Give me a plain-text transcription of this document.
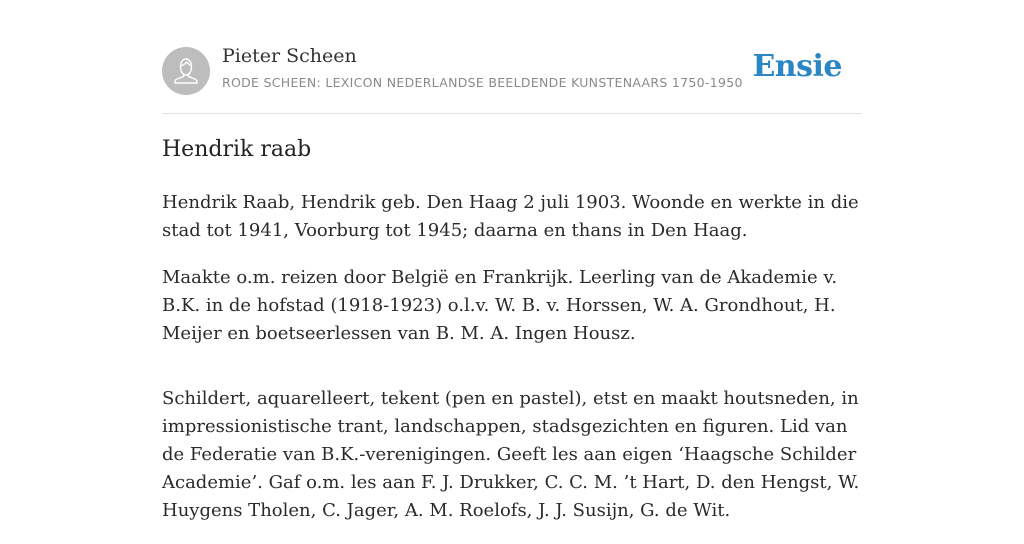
Pieter Scheen
RODE SCHEEN: LEXICON NEDERLANDSE BEELDENDE KUNSTENAARS 1750-1950 Ensie
Hendrik raab

Hendrik Raab, Hendrik geb. Den Haag 2 juli 1903. Woonde en werkte in die stad tot 1941, Voorburg tot 1945; daarna en thans in Den Haag.

Maakte o.m. reizen door België en Frankrijk. Leerling van de Akademie v. B.K. in de hofstad (1918-1923) o.l.v. W. B. v. Horssen, W. A. Grondhout, H. Meijer en boetseerlessen van B. M. A. Ingen Housz.

Schildert, aquarelleert, tekent (pen en pastel), etst en maakt houtsneden, in impressionistische trant, landschappen, stadsgezichten en figuren. Lid van de Federatie van B.K.-verenigingen. Geeft les aan eigen ‘Haagsche Schilder Academie’. Gaf o.m. les aan F. J. Drukker, C. C. M. ’t Hart, D. den Hengst, W. Huygens Tholen, C. Jager, A. M. Roelofs, J. J. Susijn, G. de Wit.
